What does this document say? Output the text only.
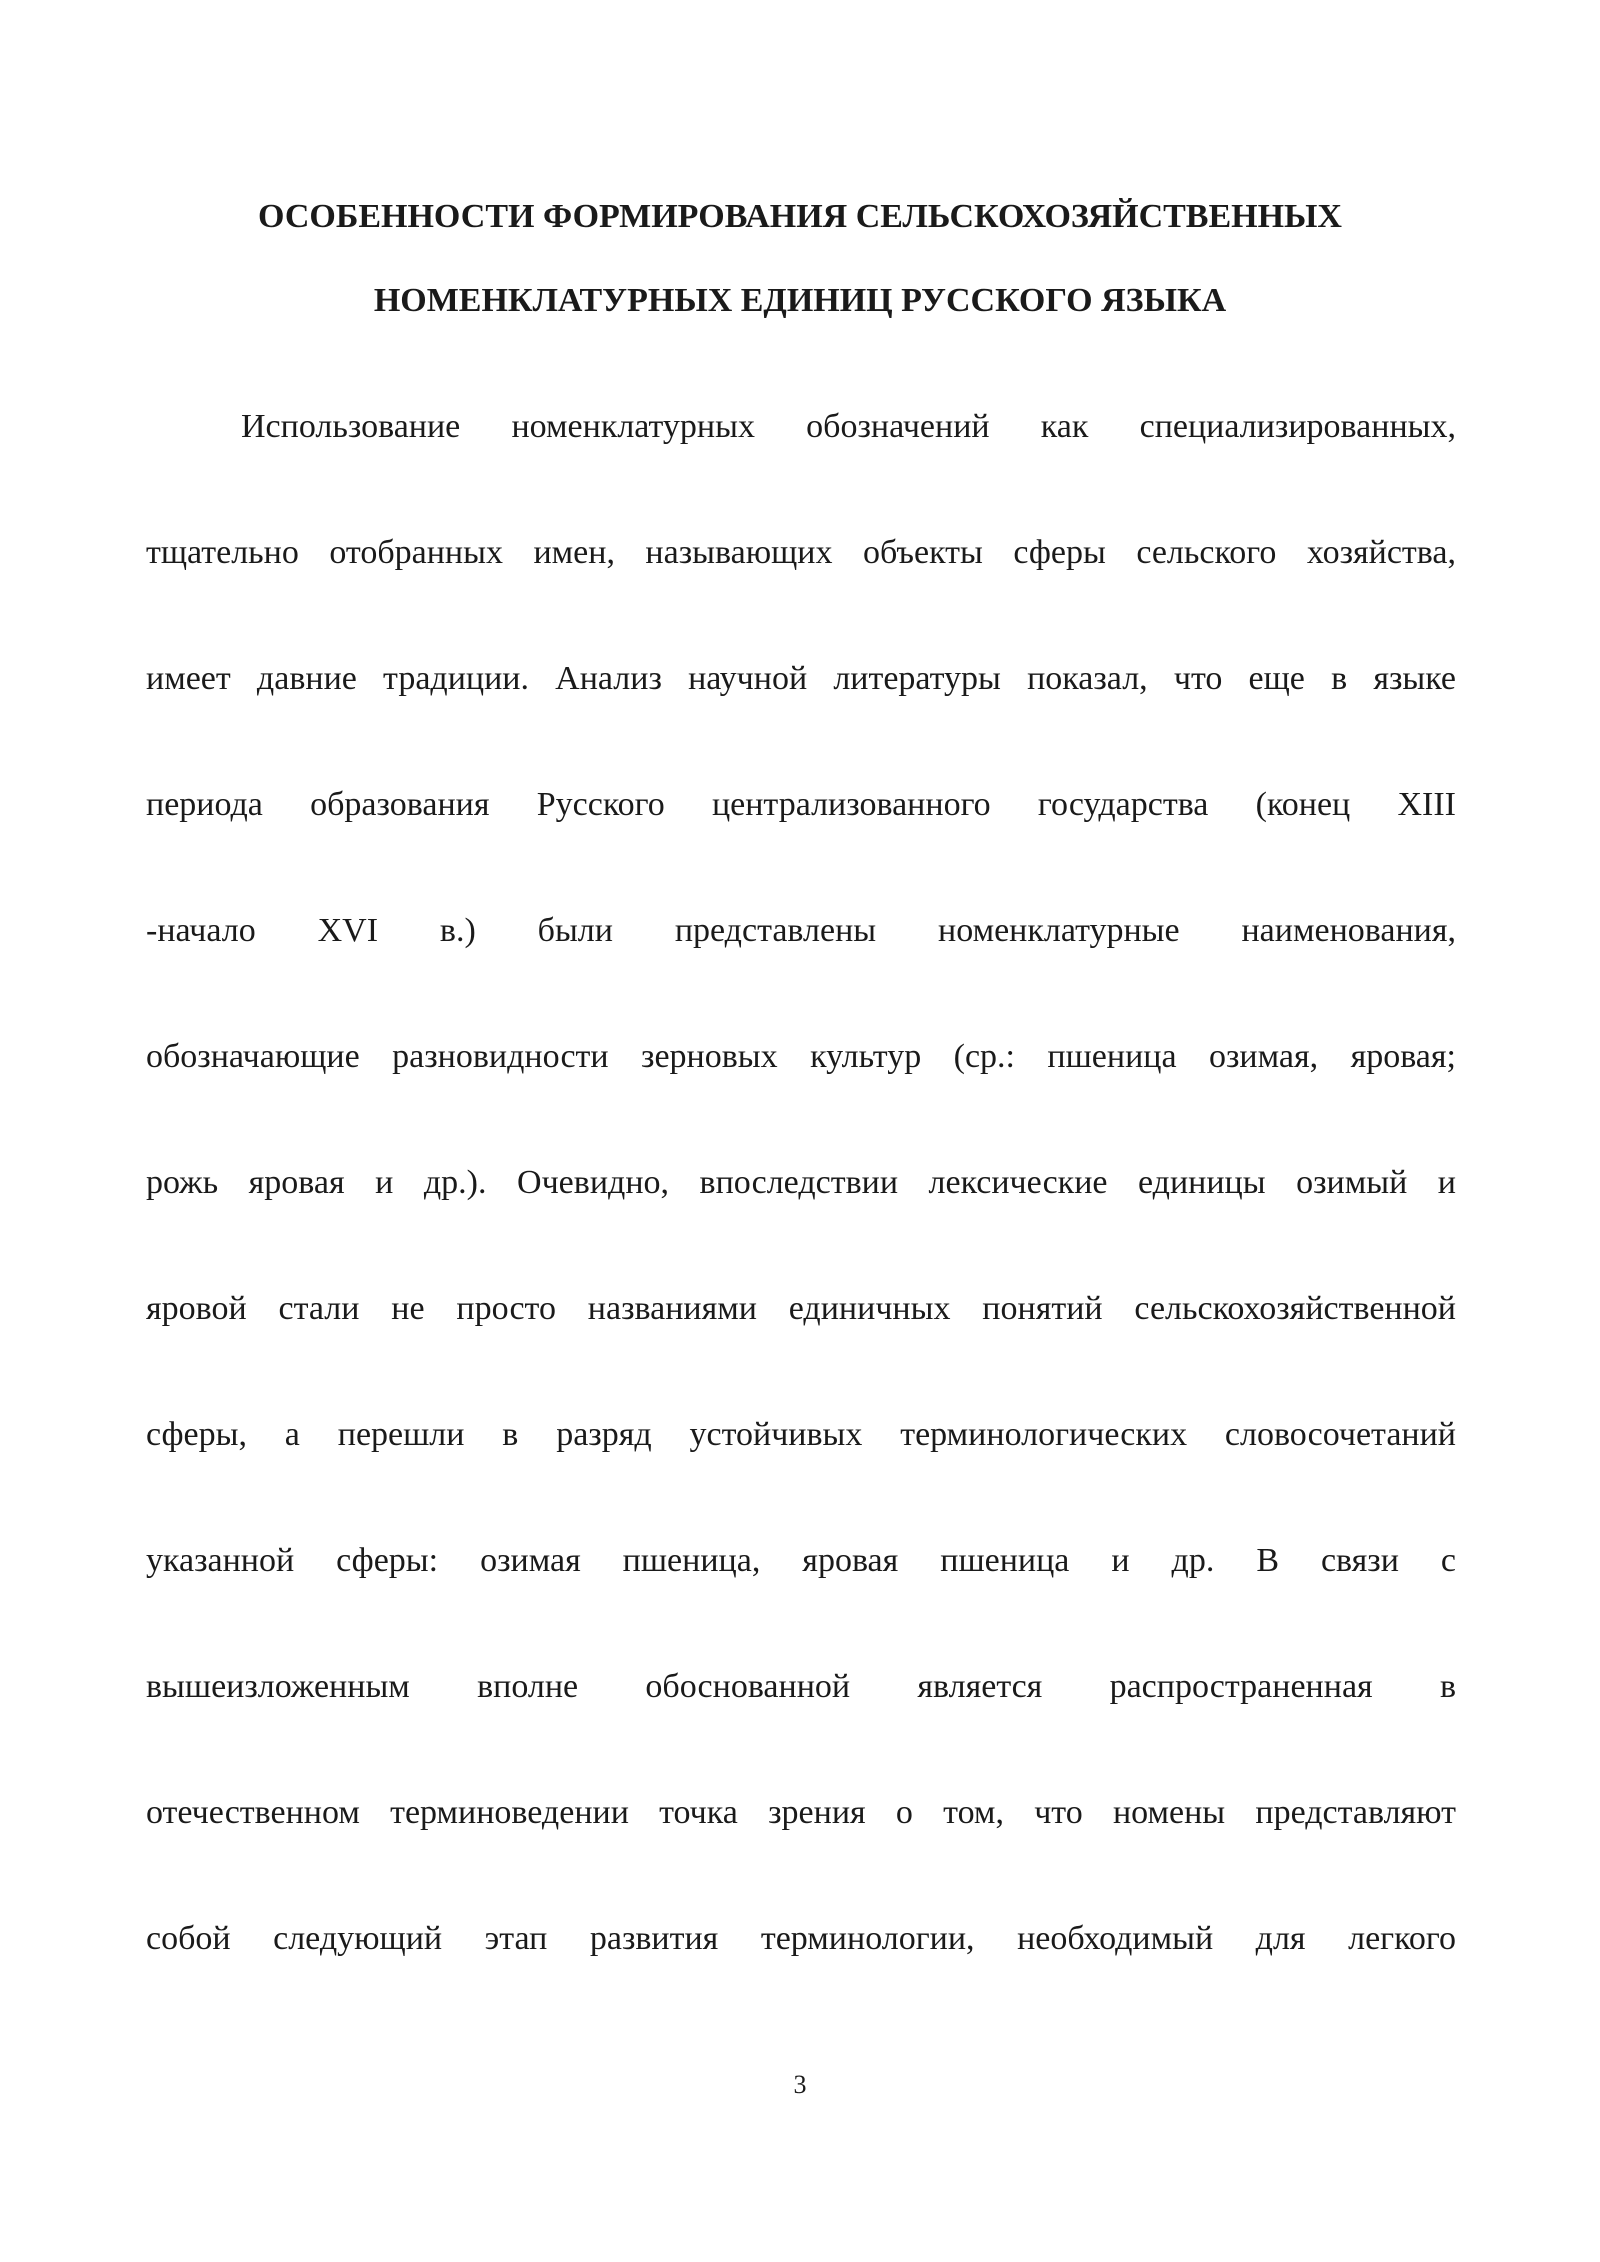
ОСОБЕННОСТИ ФОРМИРОВАНИЯ СЕЛЬСКОХОЗЯЙСТВЕННЫХ
НОМЕНКЛАТУРНЫХ ЕДИНИЦ РУССКОГО ЯЗЫКА
Использование номенклатурных обозначений как специализированных,
тщательно отобранных имен, называющих объекты сферы сельского хозяйства,
имеет давние традиции. Анализ научной литературы показал, что еще в языке
периода образования Русского централизованного государства (конец XIII
-начало XVI в.) были представлены номенклатурные наименования,
обозначающие разновидности зерновых культур (ср.: пшеница озимая, яровая;
рожь яровая и др.). Очевидно, впоследствии лексические единицы озимый и
яровой стали не просто названиями единичных понятий сельскохозяйственной
сферы, а перешли в разряд устойчивых терминологических словосочетаний
указанной сферы: озимая пшеница, яровая пшеница и др. В связи с
вышеизложенным вполне обоснованной является распространенная в
отечественном терминоведении точка зрения о том, что номены представляют
собой следующий этап развития терминологии, необходимый для легкого
3
